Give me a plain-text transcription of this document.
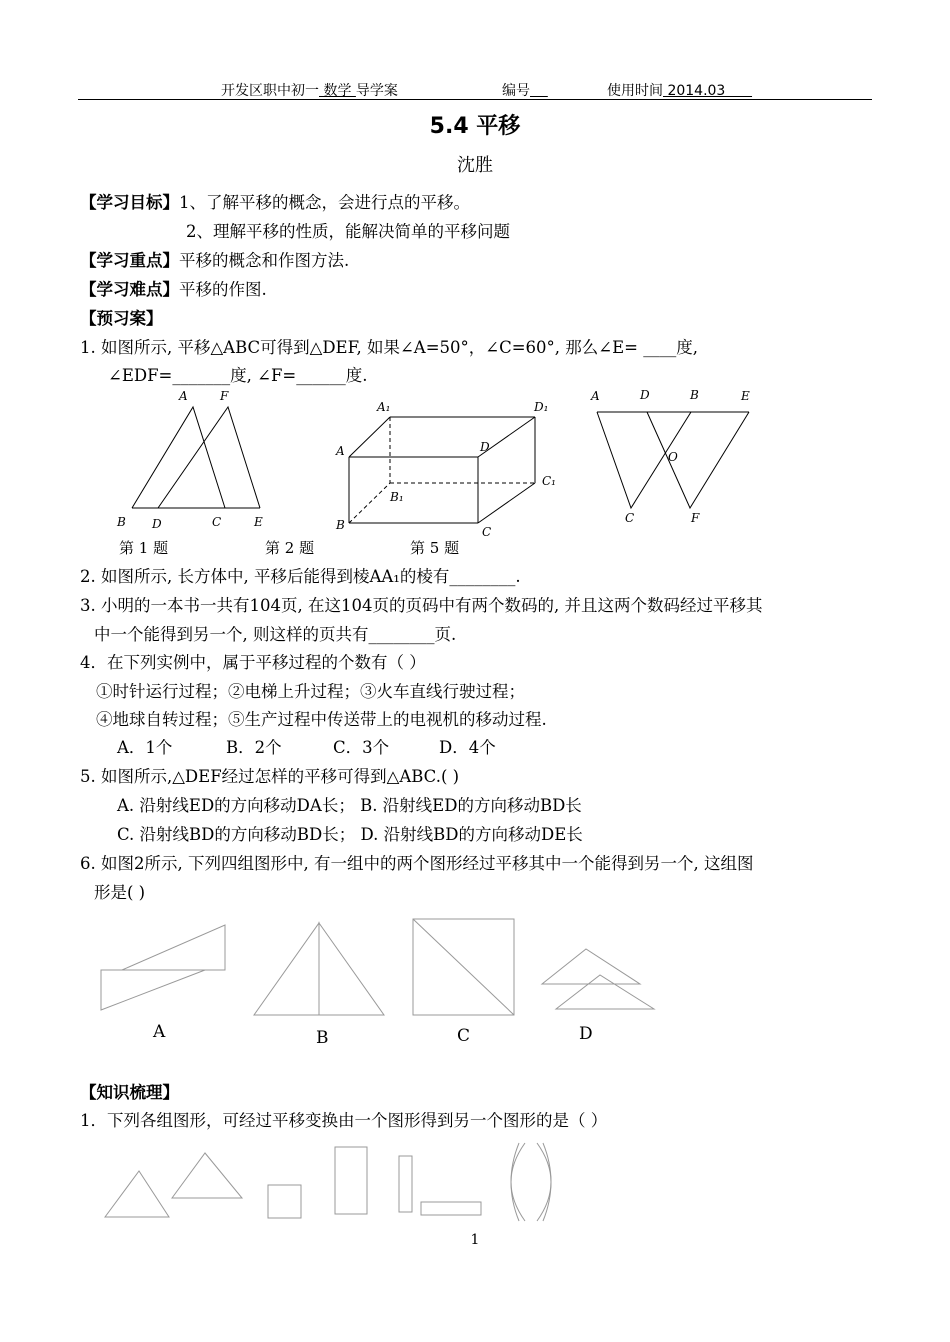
开发区职中初一 数学 导学案	编号	使用时间 2014.03
5.4 平移
沈胜
【学习目标】1、了解平移的概念，会进行点的平移。
2、理解平移的性质，能解决简单的平移问题
【学习重点】平移的概念和作图方法.
【学习难点】平移的作图.
【预习案】
1. 如图所示, 平移△ABC可得到△DEF, 如果∠A=50°，∠C=60°, 那么∠E= ____度,
∠EDF=_______度, ∠F=______度.
A	F
B D	C	E
A₁	D₁
A	D
C₁
B₁
B	C
A	D	B	E
O
C	F
第 1 题	第 2 题	第 5 题
2. 如图所示, 长方体中, 平移后能得到棱AA₁的棱有________.
3. 小明的一本书一共有104页, 在这104页的页码中有两个数码的, 并且这两个数码经过平移其
中一个能得到另一个, 则这样的页共有________页.
4．在下列实例中，属于平移过程的个数有（ ）
①时针运行过程；②电梯上升过程；③火车直线行驶过程；
④地球自转过程；⑤生产过程中传送带上的电视机的移动过程.
A．1个	B．2个	C．3个	D．4个
5. 如图所示,△DEF经过怎样的平移可得到△ABC.( )
A. 沿射线ED的方向移动DA长； B. 沿射线ED的方向移动BD长
C. 沿射线BD的方向移动BD长； D. 沿射线BD的方向移动DE长
6. 如图2所示, 下列四组图形中, 有一组中的两个图形经过平移其中一个能得到另一个, 这组图
形是( )
A	B	C	D
【知识梳理】
1．下列各组图形，可经过平移变换由一个图形得到另一个图形的是（ ）
1
